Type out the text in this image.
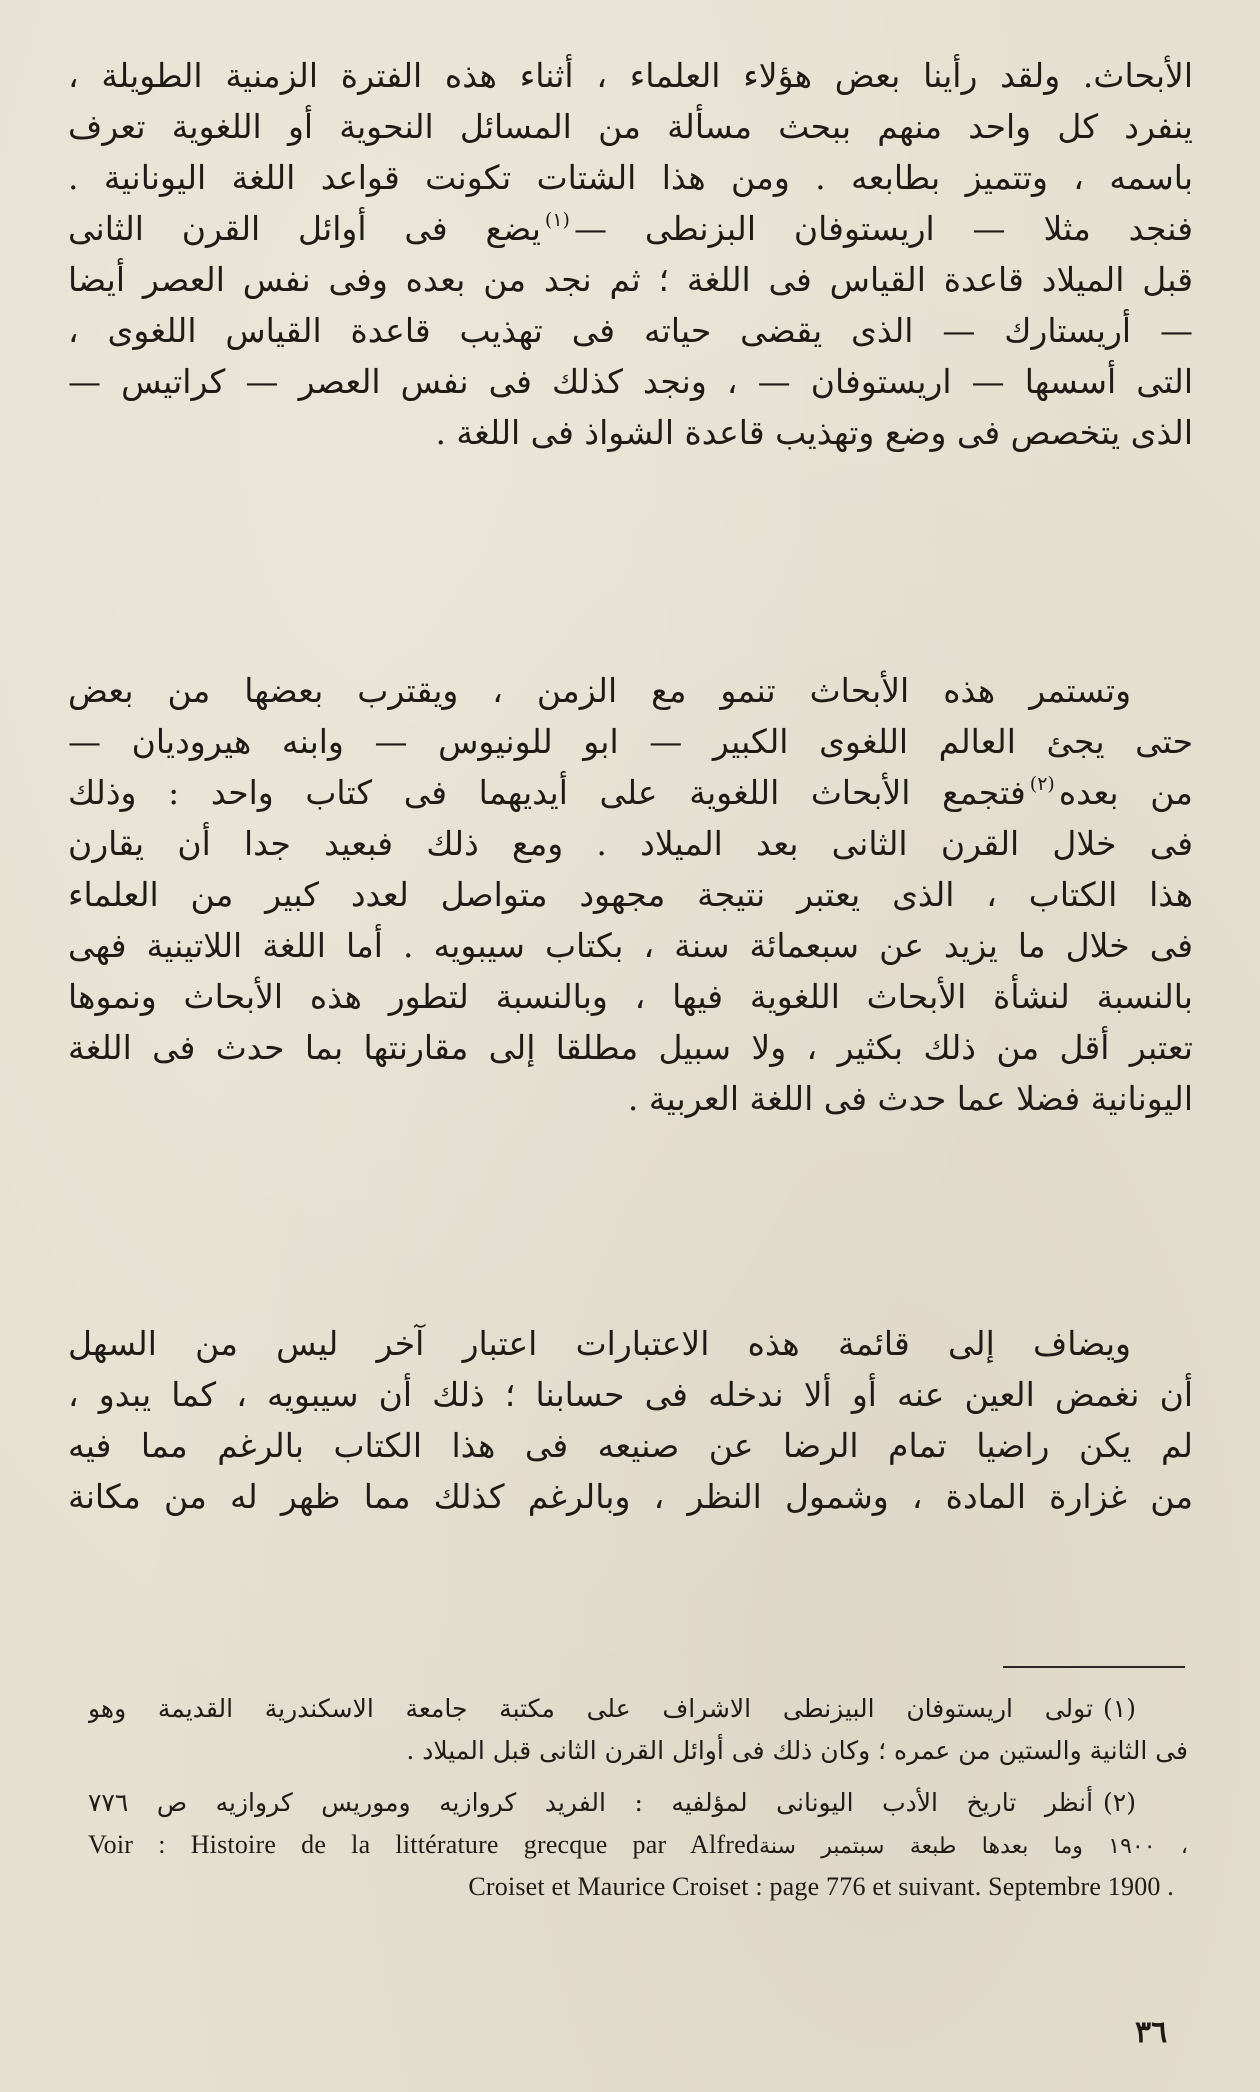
الأبحاث. ولقد رأينا بعض هؤلاء العلماء ، أثناء هذه الفترة الزمنية الطويلة ،
ينفرد كل واحد منهم ببحث مسألة من المسائل النحوية أو اللغوية تعرف
باسمه ، وتتميز بطابعه . ومن هذا الشتات تكونت قواعد اللغة اليونانية .
فنجد مثلا — اريستوفان البزنطى —$^{(١)}$يضع فى أوائل القرن الثانى
قبل الميلاد قاعدة القياس فى اللغة ؛ ثم نجد من بعده وفى نفس العصر أيضا
— أريستارك — الذى يقضى حياته فى تهذيب قاعدة القياس اللغوى ،
التى أسسها — اريستوفان — ، ونجد كذلك فى نفس العصر — كراتيس —
الذى يتخصص فى وضع وتهذيب قاعدة الشواذ فى اللغة .
وتستمر هذه الأبحاث تنمو مع الزمن ، ويقترب بعضها من بعض
حتى يجئ العالم اللغوى الكبير — ابو للونيوس — وابنه هيروديان —
من بعده$^{(٢)}$فتجمع الأبحاث اللغوية على أيديهما فى كتاب واحد : وذلك
فى خلال القرن الثانى بعد الميلاد . ومع ذلك فبعيد جدا أن يقارن
هذا الكتاب ، الذى يعتبر نتيجة مجهود متواصل لعدد كبير من العلماء
فى خلال ما يزيد عن سبعمائة سنة ، بكتاب سيبويه . أما اللغة اللاتينية فهى
بالنسبة لنشأة الأبحاث اللغوية فيها ، وبالنسبة لتطور هذه الأبحاث ونموها
تعتبر أقل من ذلك بكثير ، ولا سبيل مطلقا إلى مقارنتها بما حدث فى اللغة
اليونانية فضلا عما حدث فى اللغة العربية .
ويضاف إلى قائمة هذه الاعتبارات اعتبار آخر ليس من السهل
أن نغمض العين عنه أو ألا ندخله فى حسابنا ؛ ذلك أن سيبويه ، كما يبدو ،
لم يكن راضيا تمام الرضا عن صنيعه فى هذا الكتاب بالرغم مما فيه
من غزارة المادة ، وشمول النظر ، وبالرغم كذلك مما ظهر له من مكانة
(١)تولى اريستوفان البيزنطى الاشراف على مكتبة جامعة الاسكندرية القديمة وهو
فى الثانية والستين من عمره ؛ وكان ذلك فى أوائل القرن الثانى قبل الميلاد .
(٢)أنظر تاريخ الأدب اليونانى لمؤلفيه : الفريد كروازيه وموريس كروازيه ص ٧٧٦
Voir : Histoire de la littérature grecque par Alfred، ١٩٠٠ وما بعدها طبعة سبتمبر سنة
Croiset et Maurice Croiset : page 776 et suivant. Septembre 1900 .
٣٦
